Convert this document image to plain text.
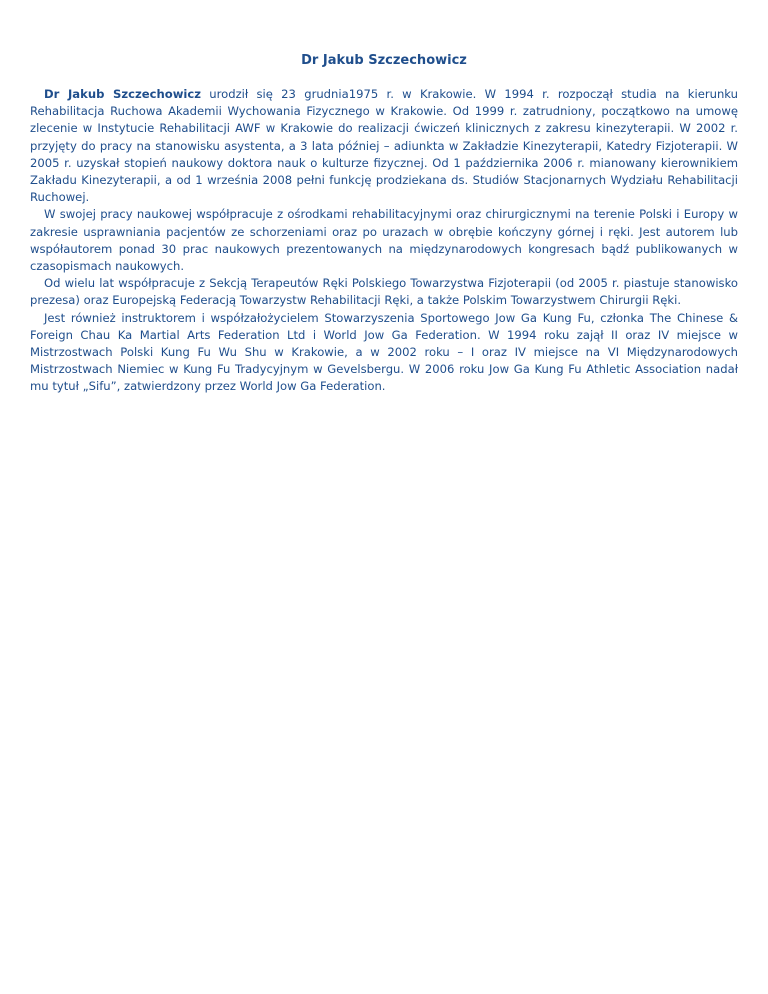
Dr Jakub Szczechowicz

Dr Jakub Szczechowicz urodził się 23 grudnia1975 r. w Krakowie. W 1994 r. rozpoczął studia na kierunku Rehabilitacja Ruchowa Akademii Wychowania Fizycznego w Krakowie. Od 1999 r. zatrudniony, początkowo na umowę zlecenie w Instytucie Rehabilitacji AWF w Krakowie do realizacji ćwiczeń klinicznych z zakresu kinezyterapii. W 2002 r. przyjęty do pracy na stanowisku asystenta, a 3 lata później – adiunkta w Zakładzie Kinezyterapii, Katedry Fizjoterapii. W 2005 r. uzyskał stopień naukowy doktora nauk o kulturze fizycznej. Od 1 października 2006 r. mianowany kierownikiem Zakładu Kinezyterapii, a od 1 września 2008 pełni funkcję prodziekana ds. Studiów Stacjonarnych Wydziału Rehabilitacji Ruchowej.

W swojej pracy naukowej współpracuje z ośrodkami rehabilitacyjnymi oraz chirurgicznymi na terenie Polski i Europy w zakresie usprawniania pacjentów ze schorzeniami oraz po urazach w obrębie kończyny górnej i ręki. Jest autorem lub współautorem ponad 30 prac naukowych prezentowanych na międzynarodowych kongresach bądź publikowanych w czasopismach naukowych.

Od wielu lat współpracuje z Sekcją Terapeutów Ręki Polskiego Towarzystwa Fizjoterapii (od 2005 r. piastuje stanowisko prezesa) oraz Europejską Federacją Towarzystw Rehabilitacji Ręki, a także Polskim Towarzystwem Chirurgii Ręki.

Jest również instruktorem i współzałożycielem Stowarzyszenia Sportowego Jow Ga Kung Fu, członka The Chinese & Foreign Chau Ka Martial Arts Federation Ltd i World Jow Ga Federation. W 1994 roku zajął II oraz IV miejsce w Mistrzostwach Polski Kung Fu Wu Shu w Krakowie, a w 2002 roku – I oraz IV miejsce na VI Międzynarodowych Mistrzostwach Niemiec w Kung Fu Tradycyjnym w Gevelsbergu. W 2006 roku Jow Ga Kung Fu Athletic Association nadał mu tytuł „Sifu”, zatwierdzony przez World Jow Ga Federation.
